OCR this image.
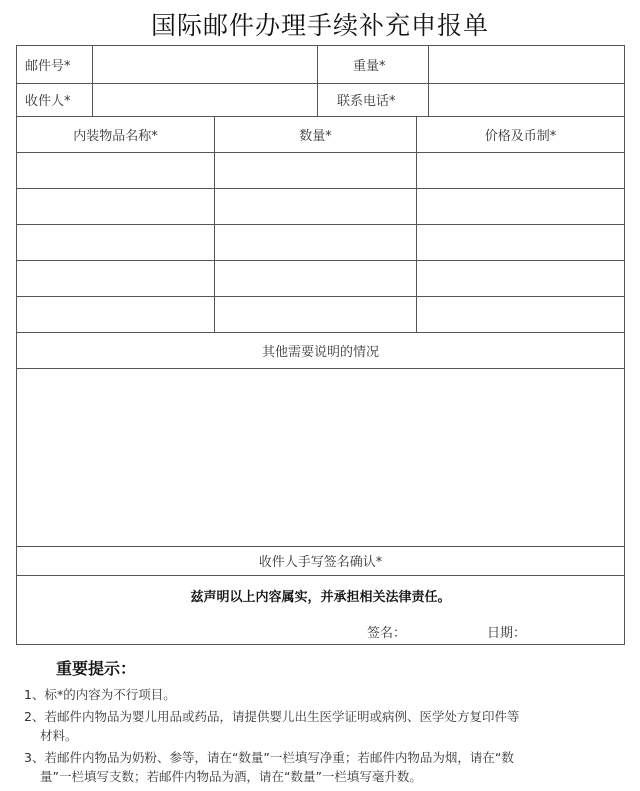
国际邮件办理手续补充申报单
邮件号*	重量*
收件人*	联系电话*
内装物品名称*	数量*	价格及币制*
其他需要说明的情况
收件人手写签名确认*
兹声明以上内容属实，并承担相关法律责任。
签名：	日期：
重要提示：
1、标*的内容为不行项目。
2、若邮件内物品为婴儿用品或药品，请提供婴儿出生医学证明或病例、医学处方复印件等
材料。
3、若邮件内物品为奶粉、参等，请在“数量”一栏填写净重；若邮件内物品为烟，请在“数
量”一栏填写支数；若邮件内物品为酒，请在“数量”一栏填写毫升数。
